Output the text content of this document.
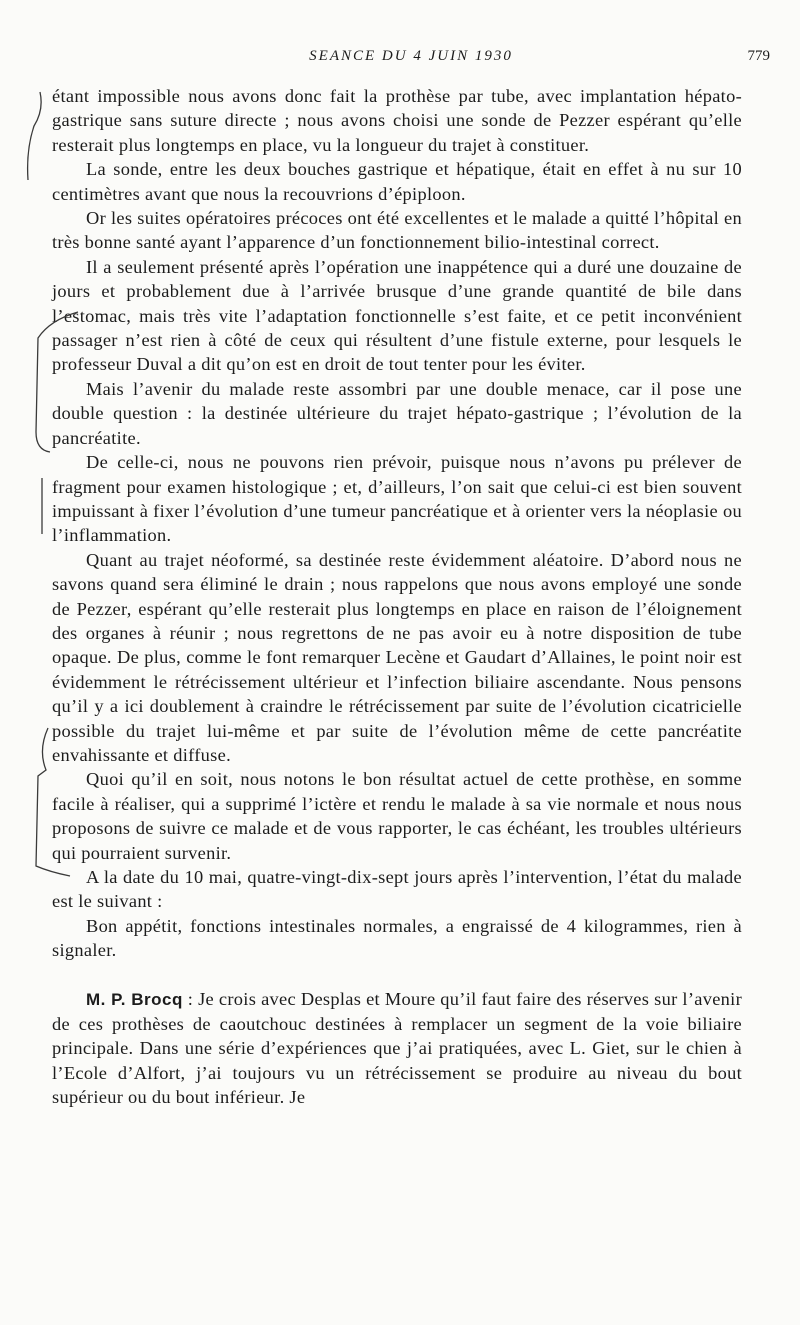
SEANCE DU 4 JUIN 1930	779

étant impossible nous avons donc fait la prothèse par tube, avec implantation hépato-gastrique sans suture directe ; nous avons choisi une sonde de Pezzer espérant qu’elle resterait plus longtemps en place, vu la longueur du trajet à constituer.

La sonde, entre les deux bouches gastrique et hépatique, était en effet à nu sur 10 centimètres avant que nous la recouvrions d’épiploon.

Or les suites opératoires précoces ont été excellentes et le malade a quitté l’hôpital en très bonne santé ayant l’apparence d’un fonctionnement bilio-intestinal correct.

Il a seulement présenté après l’opération une inappétence qui a duré une douzaine de jours et probablement due à l’arrivée brusque d’une grande quantité de bile dans l’estomac, mais très vite l’adaptation fonctionnelle s’est faite, et ce petit inconvénient passager n’est rien à côté de ceux qui résultent d’une fistule externe, pour lesquels le professeur Duval a dit qu’on est en droit de tout tenter pour les éviter.

Mais l’avenir du malade reste assombri par une double menace, car il pose une double question : la destinée ultérieure du trajet hépato-gastrique ; l’évolution de la pancréatite.

De celle-ci, nous ne pouvons rien prévoir, puisque nous n’avons pu prélever de fragment pour examen histologique ; et, d’ailleurs, l’on sait que celui-ci est bien souvent impuissant à fixer l’évolution d’une tumeur pancréatique et à orienter vers la néoplasie ou l’inflammation.

Quant au trajet néoformé, sa destinée reste évidemment aléatoire. D’abord nous ne savons quand sera éliminé le drain ; nous rappelons que nous avons employé une sonde de Pezzer, espérant qu’elle resterait plus longtemps en place en raison de l’éloignement des organes à réunir ; nous regrettons de ne pas avoir eu à notre disposition de tube opaque. De plus, comme le font remarquer Lecène et Gaudart d’Allaines, le point noir est évidemment le rétrécissement ultérieur et l’infection biliaire ascendante. Nous pensons qu’il y a ici doublement à craindre le rétrécissement par suite de l’évolution cicatricielle possible du trajet lui-même et par suite de l’évolution même de cette pancréatite envahissante et diffuse.

Quoi qu’il en soit, nous notons le bon résultat actuel de cette prothèse, en somme facile à réaliser, qui a supprimé l’ictère et rendu le malade à sa vie normale et nous nous proposons de suivre ce malade et de vous rapporter, le cas échéant, les troubles ultérieurs qui pourraient survenir.

A la date du 10 mai, quatre-vingt-dix-sept jours après l’intervention, l’état du malade est le suivant :

Bon appétit, fonctions intestinales normales, a engraissé de 4 kilogrammes, rien à signaler.

M. P. Brocq : Je crois avec Desplas et Moure qu’il faut faire des réserves sur l’avenir de ces prothèses de caoutchouc destinées à remplacer un segment de la voie biliaire principale. Dans une série d’expériences que j’ai pratiquées, avec L. Giet, sur le chien à l’Ecole d’Alfort, j’ai toujours vu un rétrécissement se produire au niveau du bout supérieur ou du bout inférieur. Je
